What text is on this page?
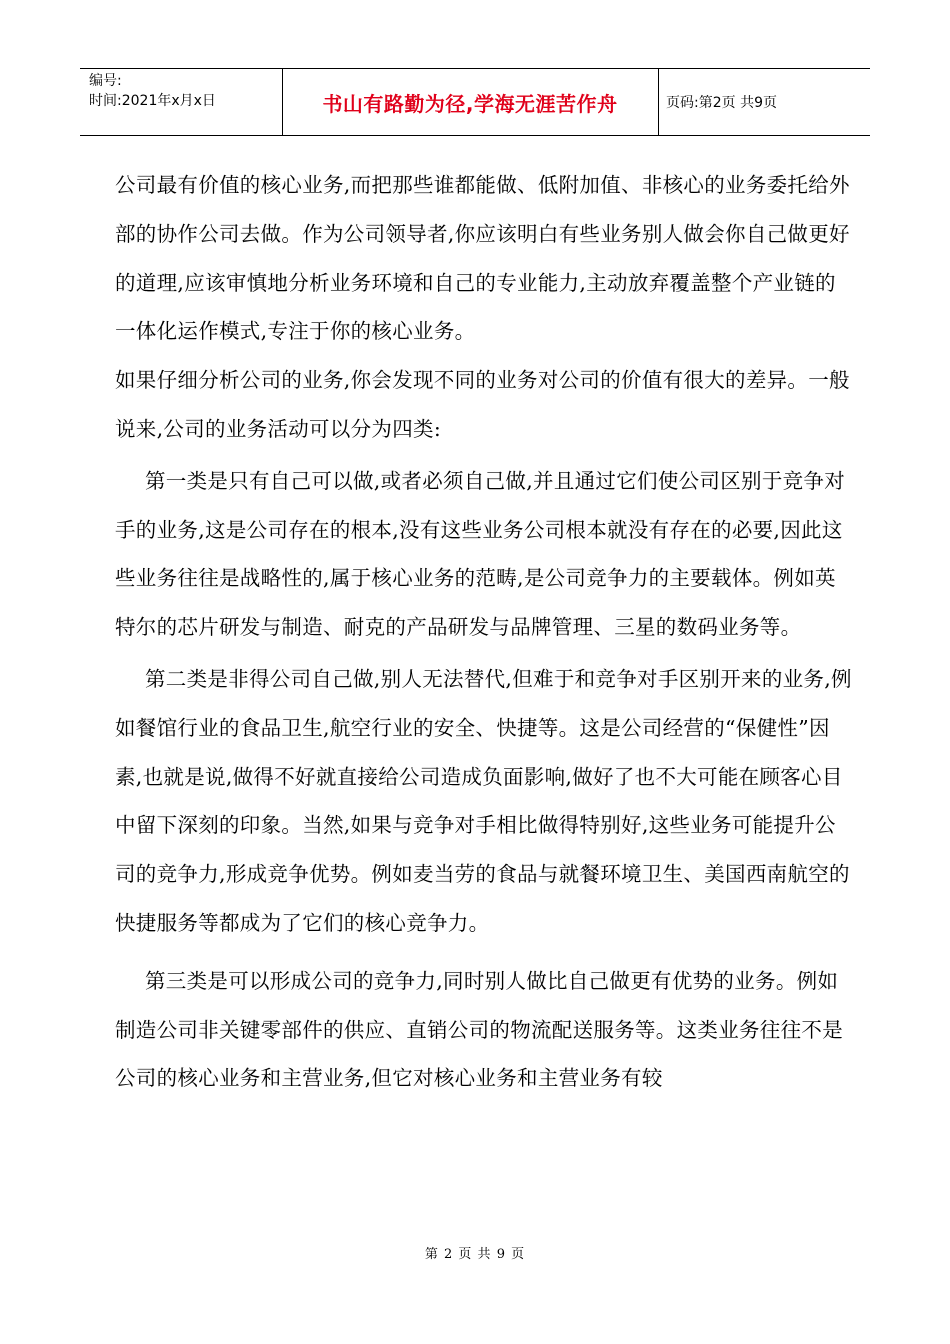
编号:
时间:2021年x月x日	书山有路勤为径,学海无涯苦作舟	页码:第2页 共9页

公司最有价值的核心业务,而把那些谁都能做、低附加值、非核心的业务委托给外部的协作公司去做。作为公司领导者,你应该明白有些业务别人做会你自己做更好的道理,应该审慎地分析业务环境和自己的专业能力,主动放弃覆盖整个产业链的一体化运作模式,专注于你的核心业务。

如果仔细分析公司的业务,你会发现不同的业务对公司的价值有很大的差异。一般说来,公司的业务活动可以分为四类:

第一类是只有自己可以做,或者必须自己做,并且通过它们使公司区别于竞争对手的业务,这是公司存在的根本,没有这些业务公司根本就没有存在的必要,因此这些业务往往是战略性的,属于核心业务的范畴,是公司竞争力的主要载体。例如英特尔的芯片研发与制造、耐克的产品研发与品牌管理、三星的数码业务等。

第二类是非得公司自己做,别人无法替代,但难于和竞争对手区别开来的业务,例如餐馆行业的食品卫生,航空行业的安全、快捷等。这是公司经营的“保健性”因素,也就是说,做得不好就直接给公司造成负面影响,做好了也不大可能在顾客心目中留下深刻的印象。当然,如果与竞争对手相比做得特别好,这些业务可能提升公司的竞争力,形成竞争优势。例如麦当劳的食品与就餐环境卫生、美国西南航空的快捷服务等都成为了它们的核心竞争力。

第三类是可以形成公司的竞争力,同时别人做比自己做更有优势的业务。例如制造公司非关键零部件的供应、直销公司的物流配送服务等。这类业务往往不是公司的核心业务和主营业务,但它对核心业务和主营业务有较

第 2 页 共 9 页
